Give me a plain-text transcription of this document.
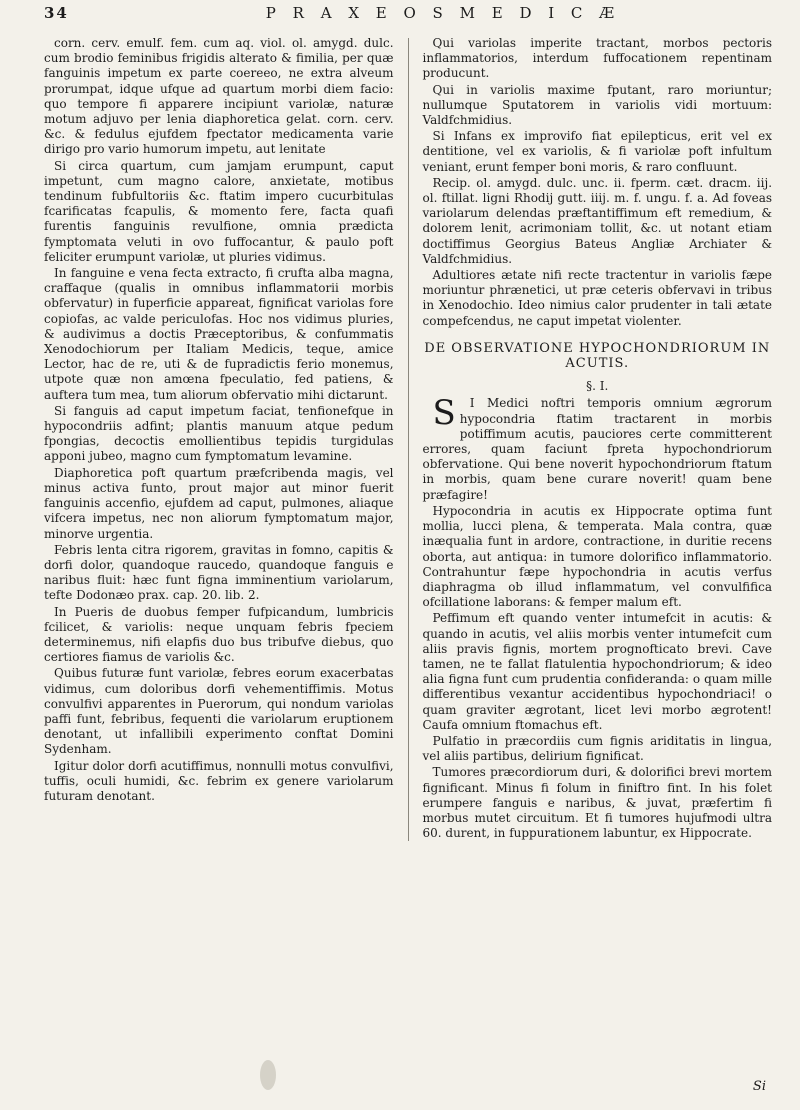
34	P R A X E O S M E D I C Æ

corn. cerv. emulf. fem. cum aq. viol. ol. amygd. dulc. cum brodio feminibus frigidis alterato & fimilia, per quæ fanguinis impetum ex parte coereeo, ne extra alveum prorumpat, idque ufque ad quartum morbi diem facio: quo tempore fi apparere incipiunt variolæ, naturæ motum adjuvo per lenia diaphoretica gelat. corn. cerv. &c. & fedulus ejufdem fpectator medicamenta varie dirigo pro vario humorum impetu, aut lenitate

Si circa quartum, cum jamjam erumpunt, caput impetunt, cum magno calore, anxietate, motibus tendinum fubfultoriis &c. ftatim impero cucurbitulas fcarificatas fcapulis, & momento fere, facta quafi furentis fanguinis revulfione, omnia prædicta fymptomata veluti in ovo fuffocantur, & paulo poft feliciter erumpunt variolæ, ut pluries vidimus.

In fanguine e vena fecta extracto, fi crufta alba magna, craffaque (qualis in omnibus inflammatorii morbis obfervatur) in fuperficie appareat, fignificat variolas fore copiofas, ac valde periculofas. Hoc nos vidimus pluries, & audivimus a doctis Præceptoribus, & confummatis Xenodochiorum per Italiam Medicis, teque, amice Lector, hac de re, uti & de fupradictis ferio monemus, utpote quæ non amœna fpeculatio, fed patiens, & auftera tum mea, tum aliorum obfervatio mihi dictarunt.

Si fanguis ad caput impetum faciat, tenfionefque in hypocondriis adfint; plantis manuum atque pedum fpongias, decoctis emollientibus tepidis turgidulas apponi jubeo, magno cum fymptomatum levamine.

Diaphoretica poft quartum præfcribenda magis, vel minus activa funto, prout major aut minor fuerit fanguinis accenfio, ejufdem ad caput, pulmones, aliaque vifcera impetus, nec non aliorum fymptomatum major, minorve urgentia.

Febris lenta citra rigorem, gravitas in fomno, capitis & dorfi dolor, quandoque raucedo, quandoque fanguis e naribus fluit: hæc funt figna imminentium variolarum, tefte Dodonæo prax. cap. 20. lib. 2.

In Pueris de duobus femper fufpicandum, lumbricis fcilicet, & variolis: neque unquam febris fpeciem determinemus, nifi elapfis duo bus tribufve diebus, quo certiores fiamus de variolis &c.

Quibus futuræ funt variolæ, febres eorum exacerbatas vidimus, cum doloribus dorfi vehementiffimis. Motus convulfivi apparentes in Puerorum, qui nondum variolas paffi funt, febribus, fequenti die variolarum eruptionem denotant, ut infallibili experimento conftat Domini Sydenham.

Igitur dolor dorfi acutiffimus, nonnulli motus convulfivi, tuffis, oculi humidi, &c. febrim ex genere variolarum futuram denotant.

Qui variolas imperite tractant, morbos pectoris inflammatorios, interdum fuffocationem repentinam producunt.

Qui in variolis maxime fputant, raro moriuntur; nullumque Sputatorem in variolis vidi mortuum: Valdfchmidius.

Si Infans ex improvifo fiat epilepticus, erit vel ex dentitione, vel ex variolis, & fi variolæ poft infultum veniant, erunt femper boni moris, & raro confluunt.

Recip. ol. amygd. dulc. unc. ii. fperm. cæt. dracm. iij. ol. ftillat. ligni Rhodij gutt. iiij. m. f. ungu. f. a. Ad foveas variolarum delendas præftantiffimum eft remedium, & dolorem lenit, acrimoniam tollit, &c. ut notant etiam doctiffimus Georgius Bateus Angliæ Archiater & Valdfchmidius.

Adultiores ætate nifi recte tractentur in variolis fæpe moriuntur phrænetici, ut præ ceteris obfervavi in tribus in Xenodochio. Ideo nimius calor prudenter in tali ætate compefcendus, ne caput impetat violenter.

DE OBSERVATIONE HYPOCHONDRIORUM IN ACUTIS.
§. I.

S I Medici noftri temporis omnium ægrorum hypocondria ftatim tractarent in morbis potiffimum acutis, pauciores certe committerent errores, quam faciunt fpreta hypochondriorum obfervatione. Qui bene noverit hypochondriorum ftatum in morbis, quam bene curare noverit! quam bene præfagire!

Hypocondria in acutis ex Hippocrate optima funt mollia, lucci plena, & temperata. Mala contra, quæ inæqualia funt in ardore, contractione, in duritie recens oborta, aut antiqua: in tumore dolorifico inflammatorio. Contrahuntur fæpe hypochondria in acutis verfus diaphragma ob illud inflammatum, vel convulfifica ofcillatione laborans: & femper malum eft.

Peffimum eft quando venter intumefcit in acutis: & quando in acutis, vel aliis morbis venter intumefcit cum aliis pravis fignis, mortem prognofticato brevi. Cave tamen, ne te fallat flatulentia hypochondriorum; & ideo alia figna funt cum prudentia confideranda: o quam mille differentibus vexantur accidentibus hypochondriaci! o quam graviter ægrotant, licet levi morbo ægrotent! Caufa omnium ftomachus eft.

Pulfatio in præcordiis cum fignis ariditatis in lingua, vel aliis partibus, delirium fignificat.

Tumores præcordiorum duri, & dolorifici brevi mortem fignificant. Minus fi folum in finiftro fint. In his folet erumpere fanguis e naribus, & juvat, præfertim fi morbus mutet circuitum. Et fi tumores hujufmodi ultra 60. durent, in fuppurationem labuntur, ex Hippocrate.

Si
